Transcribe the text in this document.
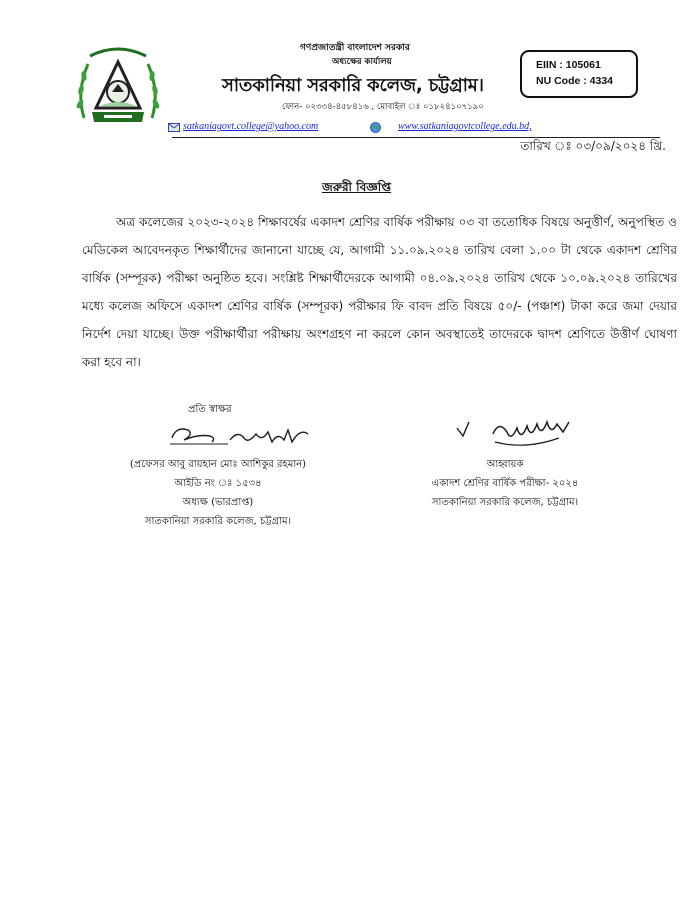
গণপ্রজাতন্ত্রী বাংলাদেশ সরকার
অধ্যক্ষের কার্যালয়
সাতকানিয়া সরকারি কলেজ, চট্টগ্রাম।
ফোন- ০২৩৩৪-৪৫৮৪১৬ , মোবাইল ঃ ০১৮২৪১০৭১৯০
EIIN : 105061
NU Code : 4334
satkaniagovt.college@yahoo.com	www.satkaniagovtcollege.edu.bd,
তারিখ ঃ ০৩/০৯/২০২৪ খ্রি.
জরুরী বিজ্ঞপ্তি
অত্র কলেজের ২০২৩-২০২৪ শিক্ষাবর্ষের একাদশ শ্রেণির বার্ষিক পরীক্ষায় ০৩ বা ততোধিক বিষয়ে অনুত্তীর্ণ, অনুপস্থিত ও মেডিকেল আবেদনকৃত শিক্ষার্থীদের জানানো যাচ্ছে যে, আগামী ১১.০৯.২০২৪ তারিখ বেলা ১.০০ টা থেকে একাদশ শ্রেণির বার্ষিক (সম্পূরক) পরীক্ষা অনুষ্ঠিত হবে। সংশ্লিষ্ট শিক্ষার্থীদেরকে আগামী ০৪.০৯.২০২৪ তারিখ থেকে ১০.০৯.২০২৪ তারিখের মধ্যে কলেজ অফিসে একাদশ শ্রেণির বার্ষিক (সম্পূরক) পরীক্ষার ফি বাবদ প্রতি বিষয়ে ৫০/- (পঞ্চাশ) টাকা করে জমা দেয়ার নির্দেশ দেয়া যাচ্ছে। উক্ত পরীক্ষার্থীরা পরীক্ষায় অংশগ্রহণ না করলে কোন অবস্থাতেই তাদেরকে দ্বাদশ শ্রেণিতে উত্তীর্ণ ঘোষণা করা হবে না।
প্রতি স্বাক্ষর
(প্রফেসর আবু রায়হান মোঃ আশিকুর রহমান)
আইডি নং ঃ ১৫৩৪
অধ্যক্ষ (ভারপ্রাপ্ত)
সাতকানিয়া সরকারি কলেজ, চট্টগ্রাম।
আহ্বায়ক
একাদশ শ্রেণির বার্ষিক পরীক্ষা- ২০২৪
সাতকানিয়া সরকারি কলেজ, চট্টগ্রাম।
